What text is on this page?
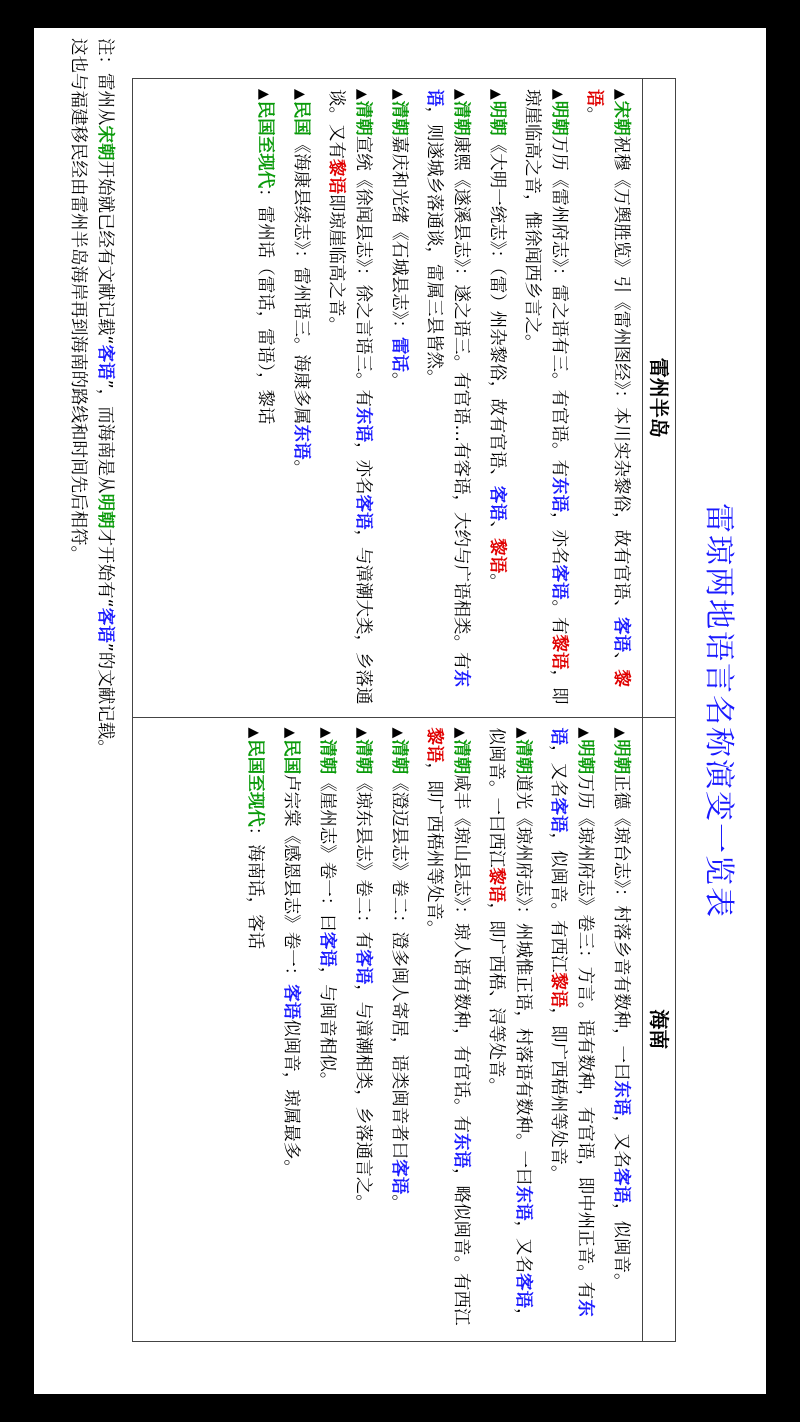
雷琼两地语言名称演变一览表
雷州半岛
▲宋朝祝穆《万舆胜览》引《雷州图经》：本川实杂黎俗，故有官语、客语、黎语。
▲明朝万历《雷州府志》：雷之语有三。有官语。有东语，亦名客语。有黎语，即琼崖临高之音，惟徐闻西乡言之。
▲明朝《大明一统志》：（雷）州杂黎俗，故有官语、客语、黎语。
▲清朝康熙《遂溪县志》：遂之语三。有官语…有客语，大约与广语相类。有东语，则遂城乡落通谈，雷属三县皆然。
▲清朝嘉庆和光绪《石城县志》：雷话。
▲清朝宣统《徐闻县志》：徐之言语三。有东语，亦名客语，与漳潮大类，乡落通谈。又有黎语即琼崖临高之音。
▲民国《海康县续志》：雷州语三。海康多属东语。
▲民国至现代：雷州话（雷话，雷语），黎话
海南
▲明朝正德《琼台志》：村落乡音有数种，一曰东语，又名客语，似闽音。
▲明朝万历《琼州府志》卷三：方言。语有数种，有官语，即中州正音。有东语，又名客语，似闽音。有西江黎语，即广西梧州等处音。
▲清朝道光《琼州府志》：州城惟正语，村落语有数种。一曰东语，又名客语，似闽音。一曰西江黎语，即广西梧、浔等处音。
▲清朝咸丰《琼山县志》：琼人语有数种，有官话。有东语，略似闽音。有西江黎语，即广西梧州等处音。
▲清朝《澄迈县志》卷二：澄多闽人寄居，语类闽音者曰客语。
▲清朝《琼东县志》卷二：有客语，与漳潮相类，乡落通言之。
▲清朝《崖州志》卷一：曰客语，与闽音相似。
▲民国卢宗棠《感恩县志》卷一：客语似闽音，琼属最多。
▲民国至现代：海南话，客话
注：雷州从宋朝开始就已经有文献记载“客语”，而海南是从明朝才开始有“客语”的文献记载。
这也与福建移民经由雷州半岛海岸再到海南的路线和时间先后相符。
